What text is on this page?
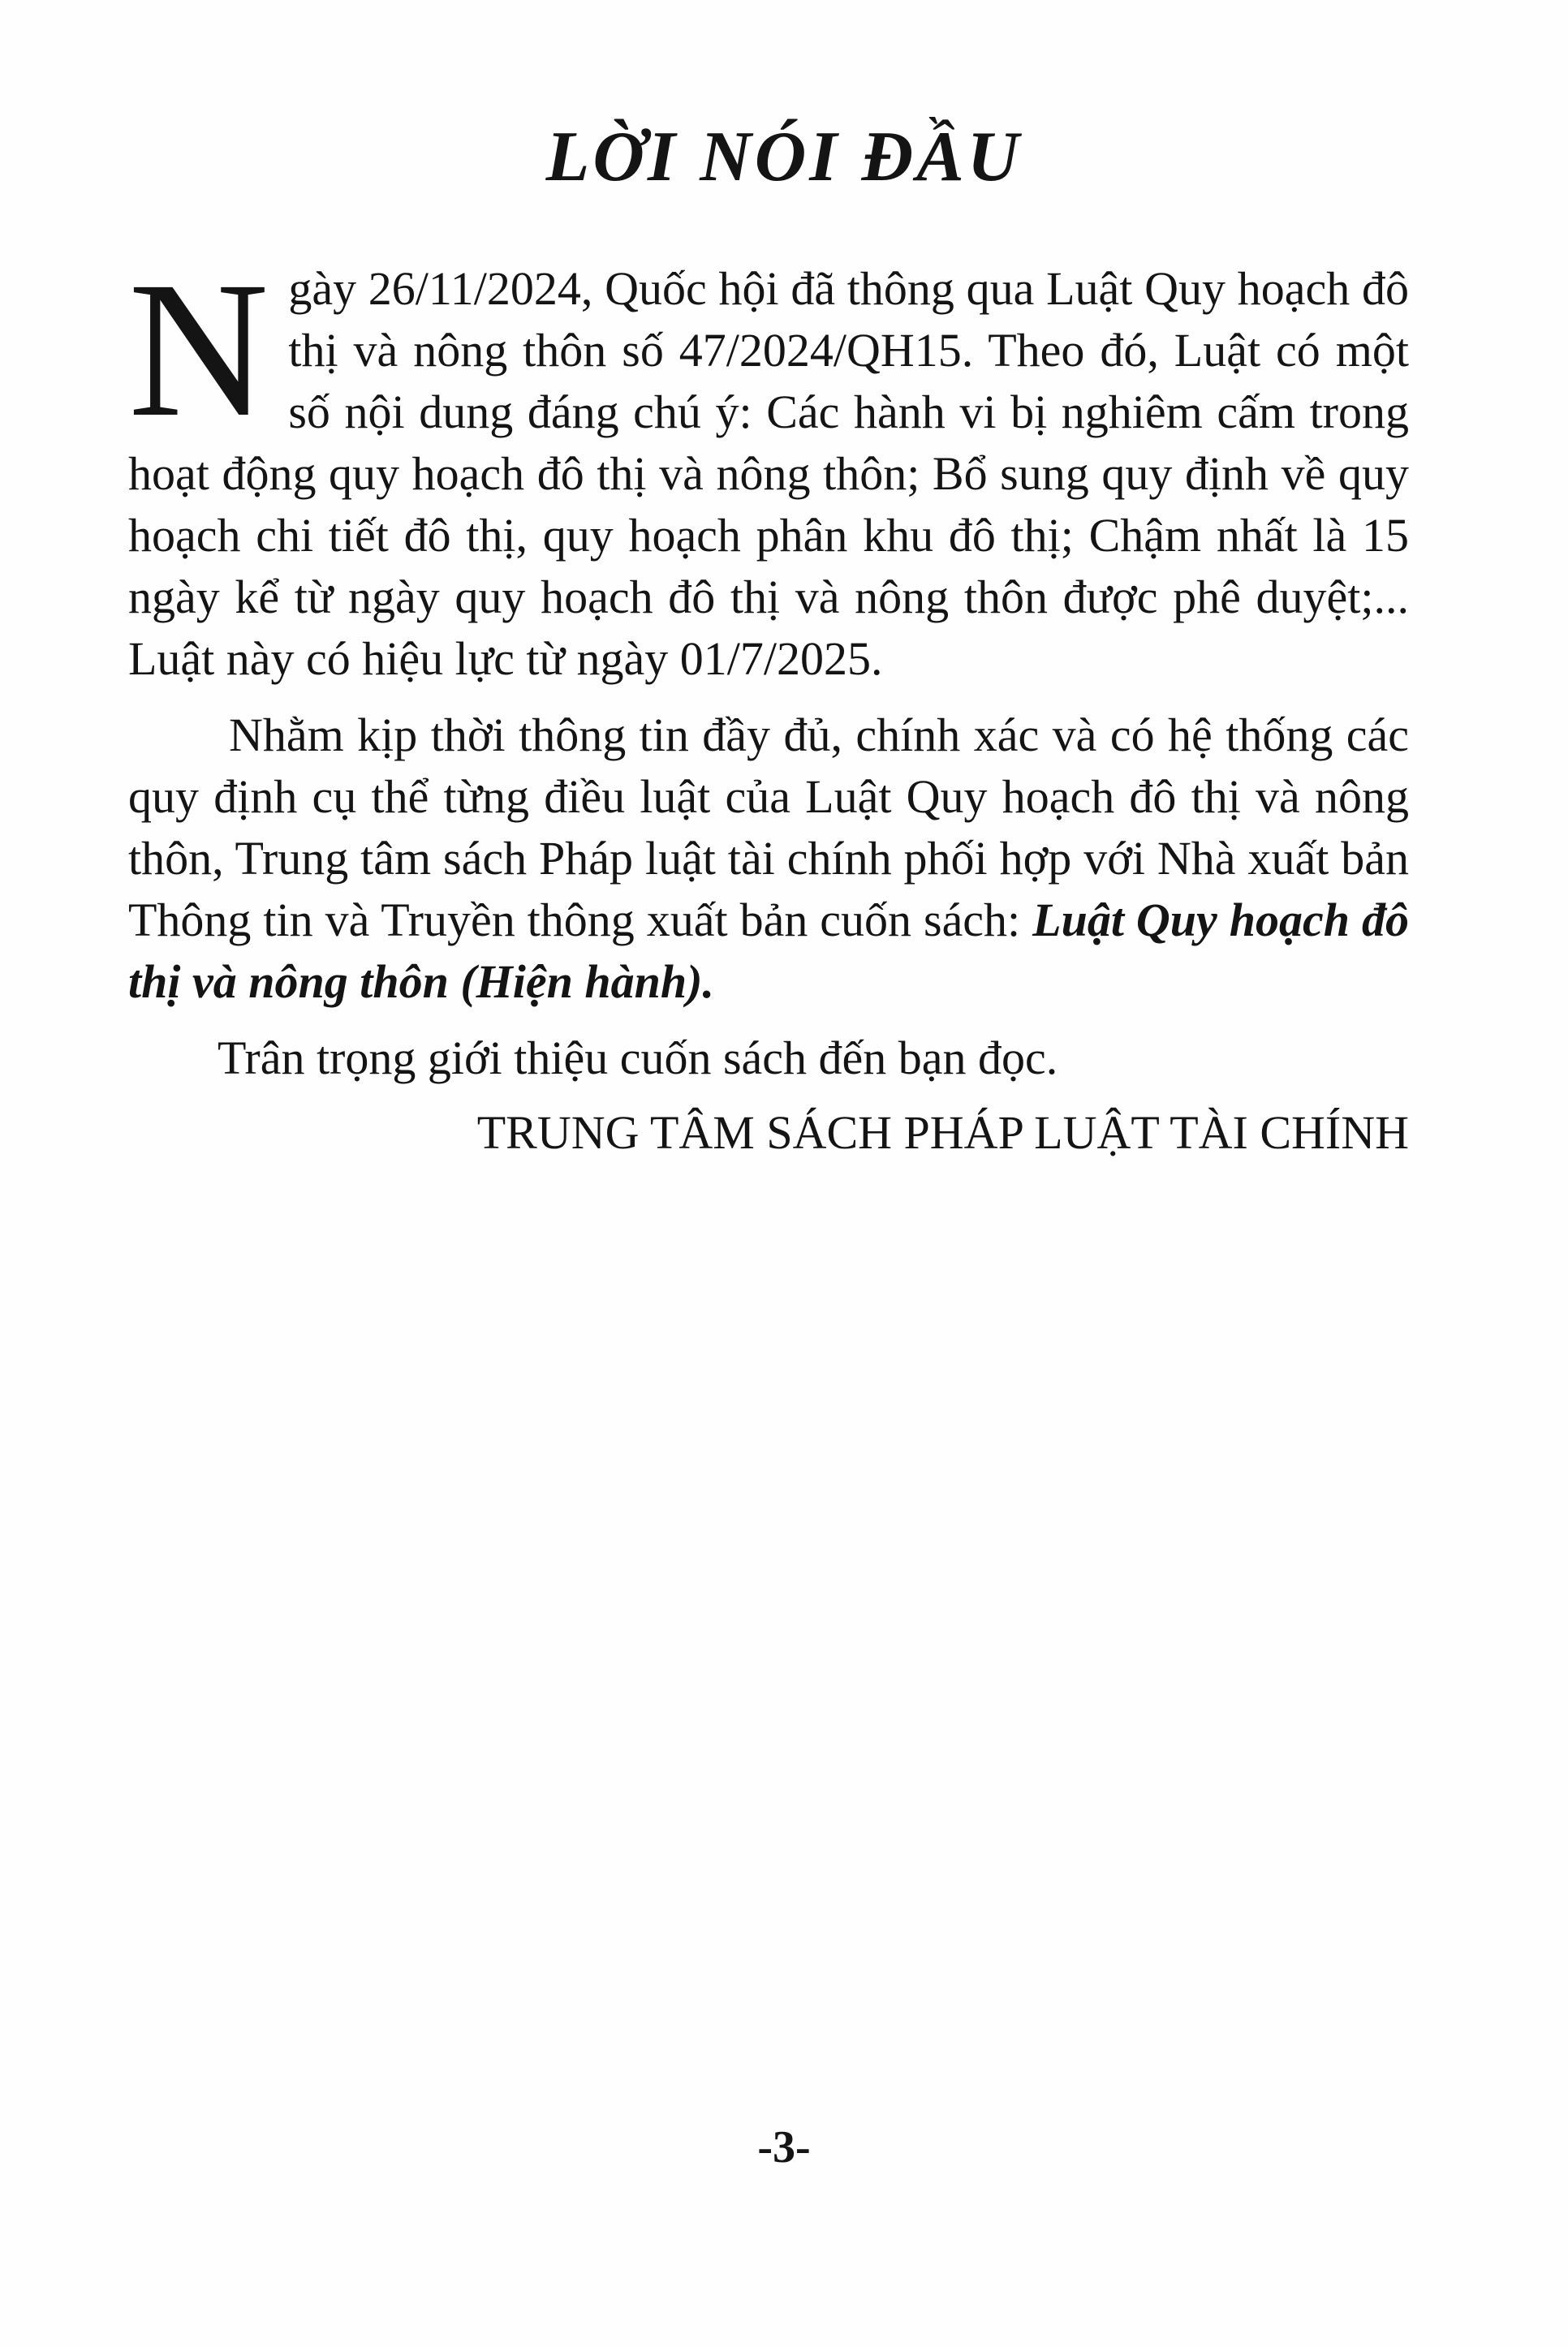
LỜI NÓI ĐẦU

Ngày 26/11/2024, Quốc hội đã thông qua Luật Quy hoạch đô thị và nông thôn số 47/2024/QH15. Theo đó, Luật có một số nội dung đáng chú ý: Các hành vi bị nghiêm cấm trong hoạt động quy hoạch đô thị và nông thôn; Bổ sung quy định về quy hoạch chi tiết đô thị, quy hoạch phân khu đô thị; Chậm nhất là 15 ngày kể từ ngày quy hoạch đô thị và nông thôn được phê duyệt;... Luật này có hiệu lực từ ngày 01/7/2025.

Nhằm kịp thời thông tin đầy đủ, chính xác và có hệ thống các quy định cụ thể từng điều luật của Luật Quy hoạch đô thị và nông thôn, Trung tâm sách Pháp luật tài chính phối hợp với Nhà xuất bản Thông tin và Truyền thông xuất bản cuốn sách: Luật Quy hoạch đô thị và nông thôn (Hiện hành).

Trân trọng giới thiệu cuốn sách đến bạn đọc.

TRUNG TÂM SÁCH PHÁP LUẬT TÀI CHÍNH

-3-
